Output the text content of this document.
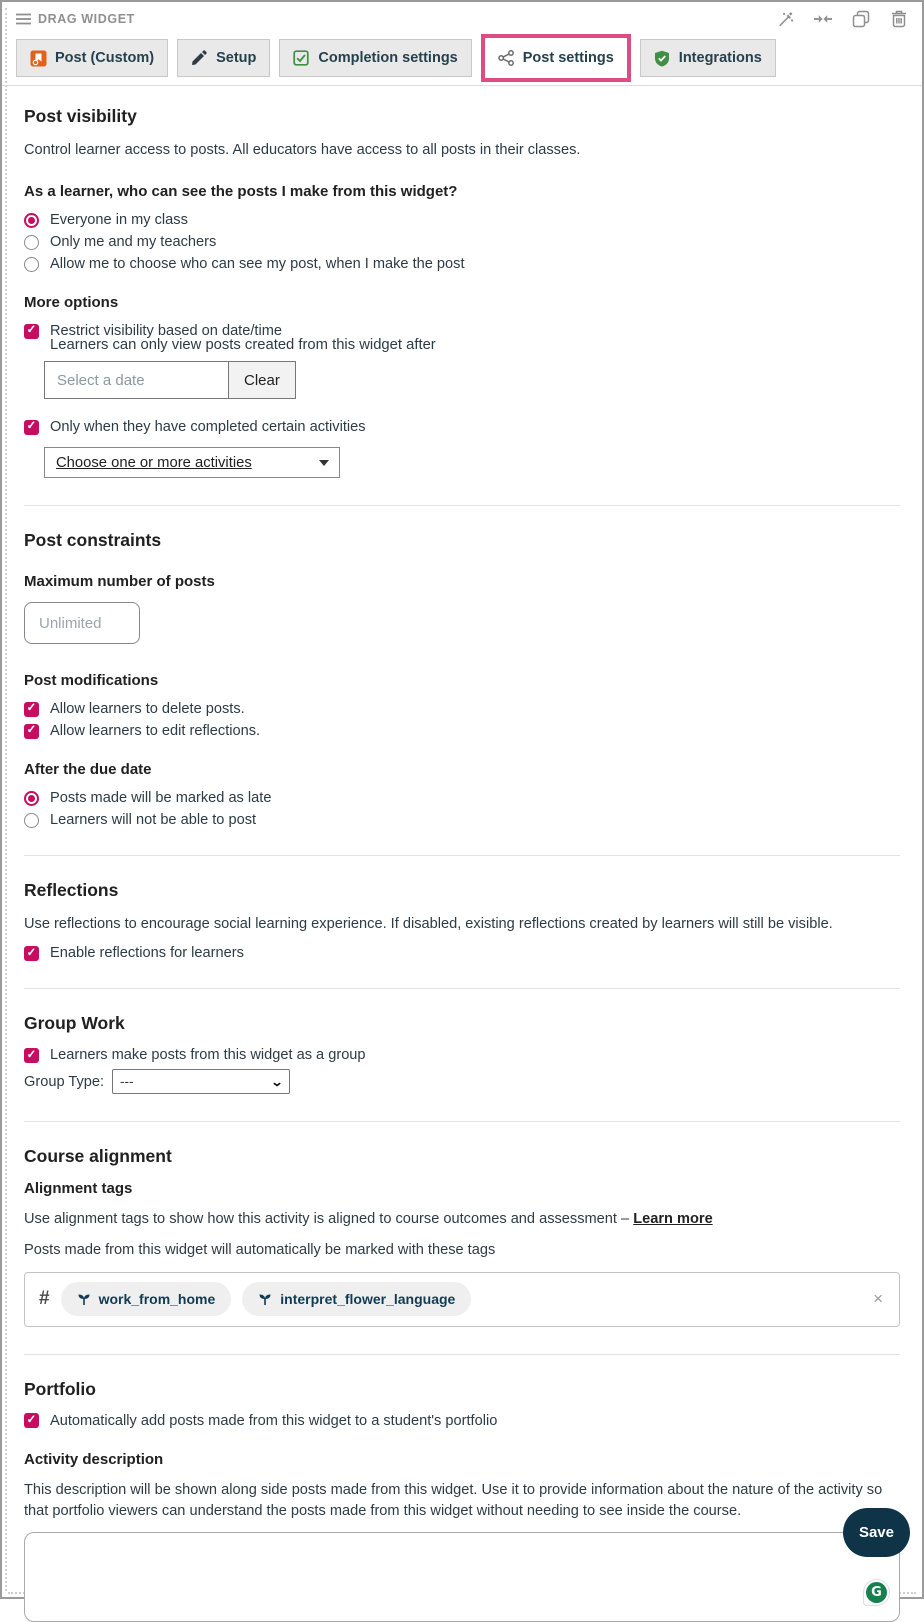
DRAG WIDGET
Post (Custom)	Setup	Completion settings	Post settings	Integrations
Post visibility

Control learner access to posts. All educators have access to all posts in their classes.

As a learner, who can see the posts I make from this widget?
Everyone in my class
Only me and my teachers
Allow me to choose who can see my post, when I make the post
More options
✓
Restrict visibility based on date/time
Learners can only view posts created from this widget after
Select a date
Clear
✓
Only when they have completed certain activities
Choose one or more activities
Post constraints
Maximum number of posts
Unlimited
Post modifications
✓
Allow learners to delete posts.
✓
Allow learners to edit reflections.
After the due date
Posts made will be marked as late
Learners will not be able to post
Reflections

Use reflections to encourage social learning experience. If disabled, existing reflections created by learners will still be visible.

✓
Enable reflections for learners
Group Work
✓
Learners make posts from this widget as a group
Group Type: ---	⌄
Course alignment
Alignment tags

Use alignment tags to show how this activity is aligned to course outcomes and assessment – Learn more

Posts made from this widget will automatically be marked with these tags

#	work_from_home	interpret_flower_language	×
Portfolio
✓
Automatically add posts made from this widget to a student's portfolio
Activity description

This description will be shown along side posts made from this widget. Use it to provide information about the nature of the activity so that portfolio viewers can understand the posts made from this widget without needing to see inside the course.

G
Save
